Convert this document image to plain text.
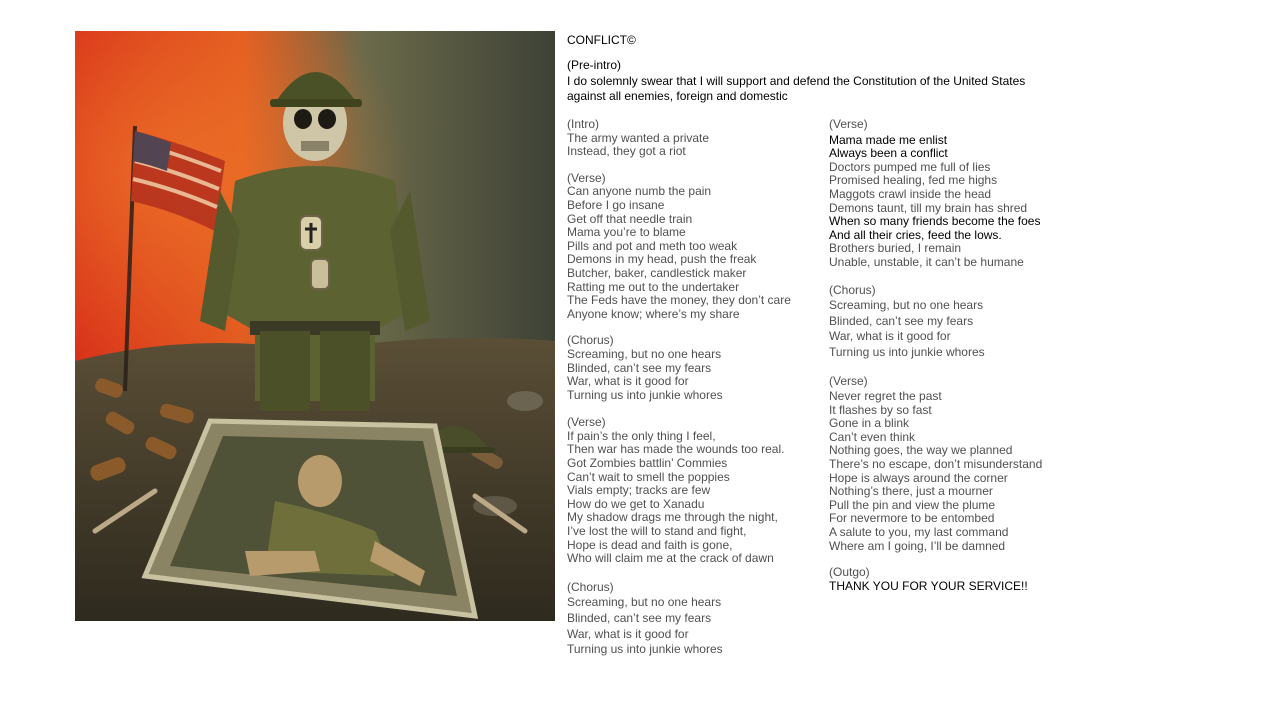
CONFLICT©
(Pre-intro)
I do solemnly swear that I will support and defend the Constitution of the United States
against all enemies, foreign and domestic
(Intro)
The army wanted a private
Instead, they got a riot
(Verse)
Can anyone numb the pain
Before I go insane
Get off that needle train
Mama you’re to blame
Pills and pot and meth too weak
Demons in my head, push the freak
Butcher, baker, candlestick maker
Ratting me out to the undertaker
The Feds have the money, they don’t care
Anyone know; where’s my share
(Chorus)
Screaming, but no one hears
Blinded, can’t see my fears
War, what is it good for
Turning us into junkie whores
(Verse)
If pain’s the only thing I feel,
Then war has made the wounds too real.
Got Zombies battlin’ Commies
Can’t wait to smell the poppies
Vials empty; tracks are few
How do we get to Xanadu
My shadow drags me through the night,
I’ve lost the will to stand and fight,
Hope is dead and faith is gone,
Who will claim me at the crack of dawn
(Chorus)
Screaming, but no one hears
Blinded, can’t see my fears
War, what is it good for
Turning us into junkie whores
(Verse)
Mama made me enlist
Always been a conflict
Doctors pumped me full of lies
Promised healing, fed me highs
Maggots crawl inside the head
Demons taunt, till my brain has shred
When so many friends become the foes
And all their cries, feed the lows.
Brothers buried, I remain
Unable, unstable, it can’t be humane
(Chorus)
Screaming, but no one hears
Blinded, can’t see my fears
War, what is it good for
Turning us into junkie whores
(Verse)
Never regret the past
It flashes by so fast
Gone in a blink
Can’t even think
Nothing goes, the way we planned
There’s no escape, don’t misunderstand
Hope is always around the corner
Nothing’s there, just a mourner
Pull the pin and view the plume
For nevermore to be entombed
A salute to you, my last command
Where am I going, I’ll be damned
(Outgo)
THANK YOU FOR YOUR SERVICE!!
